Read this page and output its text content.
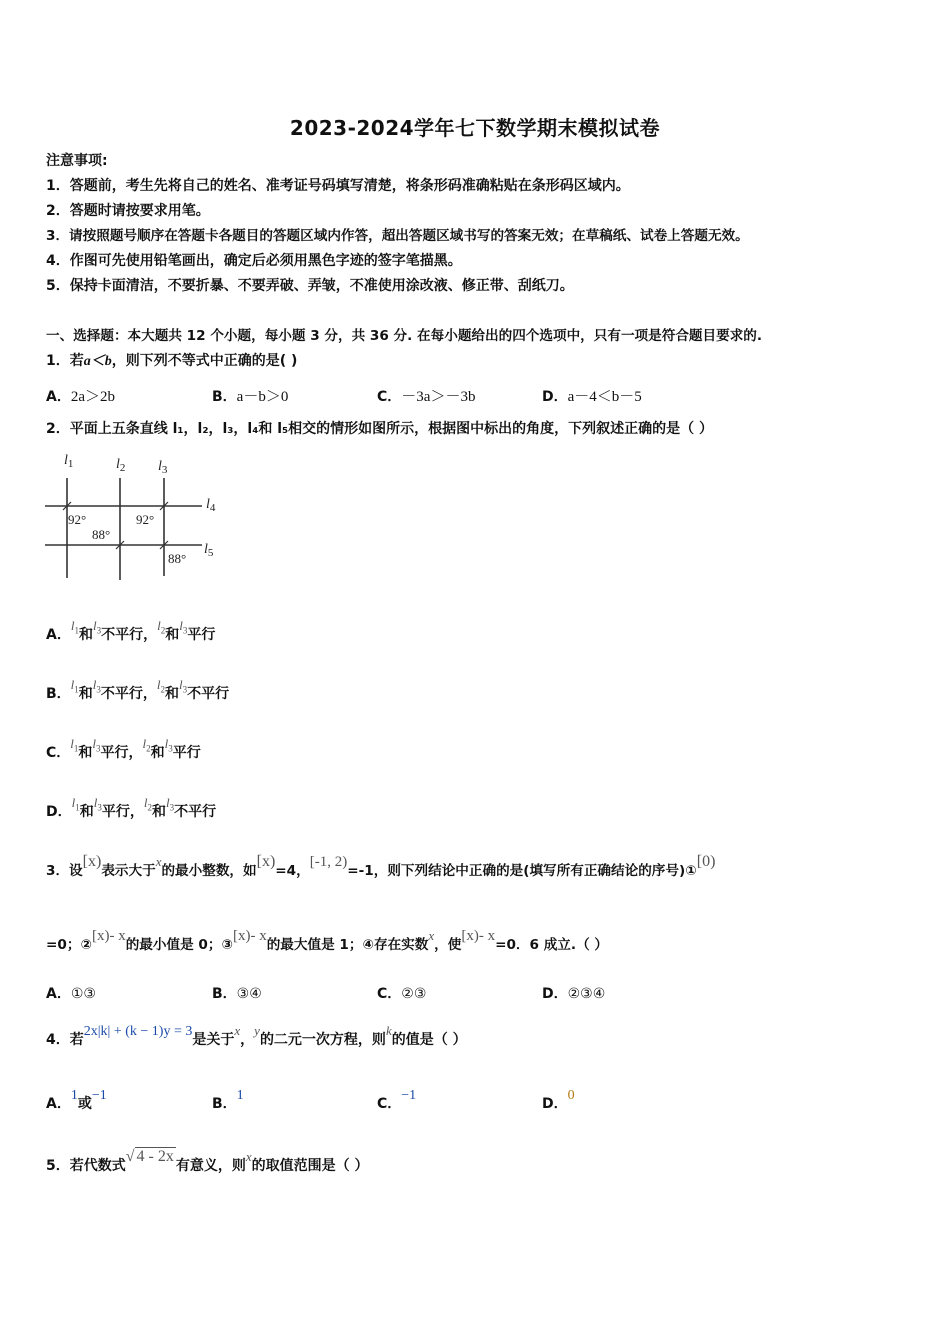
2023-2024学年七下数学期末模拟试卷
注意事项:
1．答题前，考生先将自己的姓名、准考证号码填写清楚，将条形码准确粘贴在条形码区域内。
2．答题时请按要求用笔。
3．请按照题号顺序在答题卡各题目的答题区域内作答，超出答题区域书写的答案无效；在草稿纸、试卷上答题无效。
4．作图可先使用铅笔画出，确定后必须用黑色字迹的签字笔描黑。
5．保持卡面清洁，不要折暴、不要弄破、弄皱，不准使用涂改液、修正带、刮纸刀。
一、选择题：本大题共 12 个小题，每小题 3 分，共 36 分. 在每小题给出的四个选项中，只有一项是符合题目要求的.
1．若a＜b，则下列不等式中正确的是( )
A．2a＞2b	B．a－b＞0	C．－3a＞－3b	D．a－4＜b－5
2．平面上五条直线 l₁，l₂，l₃，l₄和 l₅相交的情形如图所示，根据图中标出的角度，下列叙述正确的是（ ）
$l_1$	$l_2$ $l_3$
$l_4$
$l_5$
92°	92°
88°
88°
A．$l_1$和$l_3$不平行，$l_2$和$l_3$平行
B．$l_1$和$l_3$不平行，$l_2$和$l_3$不平行
C．$l_1$和$l_3$平行，$l_2$和$l_3$平行
D．$l_1$和$l_3$平行，$l_2$和$l_3$不平行
3．设[x)表示大于x的最小整数，如[x)=4，[-1, 2)=-1，则下列结论中正确的是(填写所有正确结论的序号)①[0)
=0；②[x)- x的最小值是 0；③[x)- x的最大值是 1；④存在实数x，使[x)- x=0．6 成立.（ ）
A．①③	B．③④	C．②③	D．②③④
4．若2x|k| + (k − 1)y = 3是关于x，y的二元一次方程，则k的值是（ ）
A．1或−1
B．1
C．−1
D．0
5．若代数式√ 4 - 2x有意义，则x的取值范围是（ ）
